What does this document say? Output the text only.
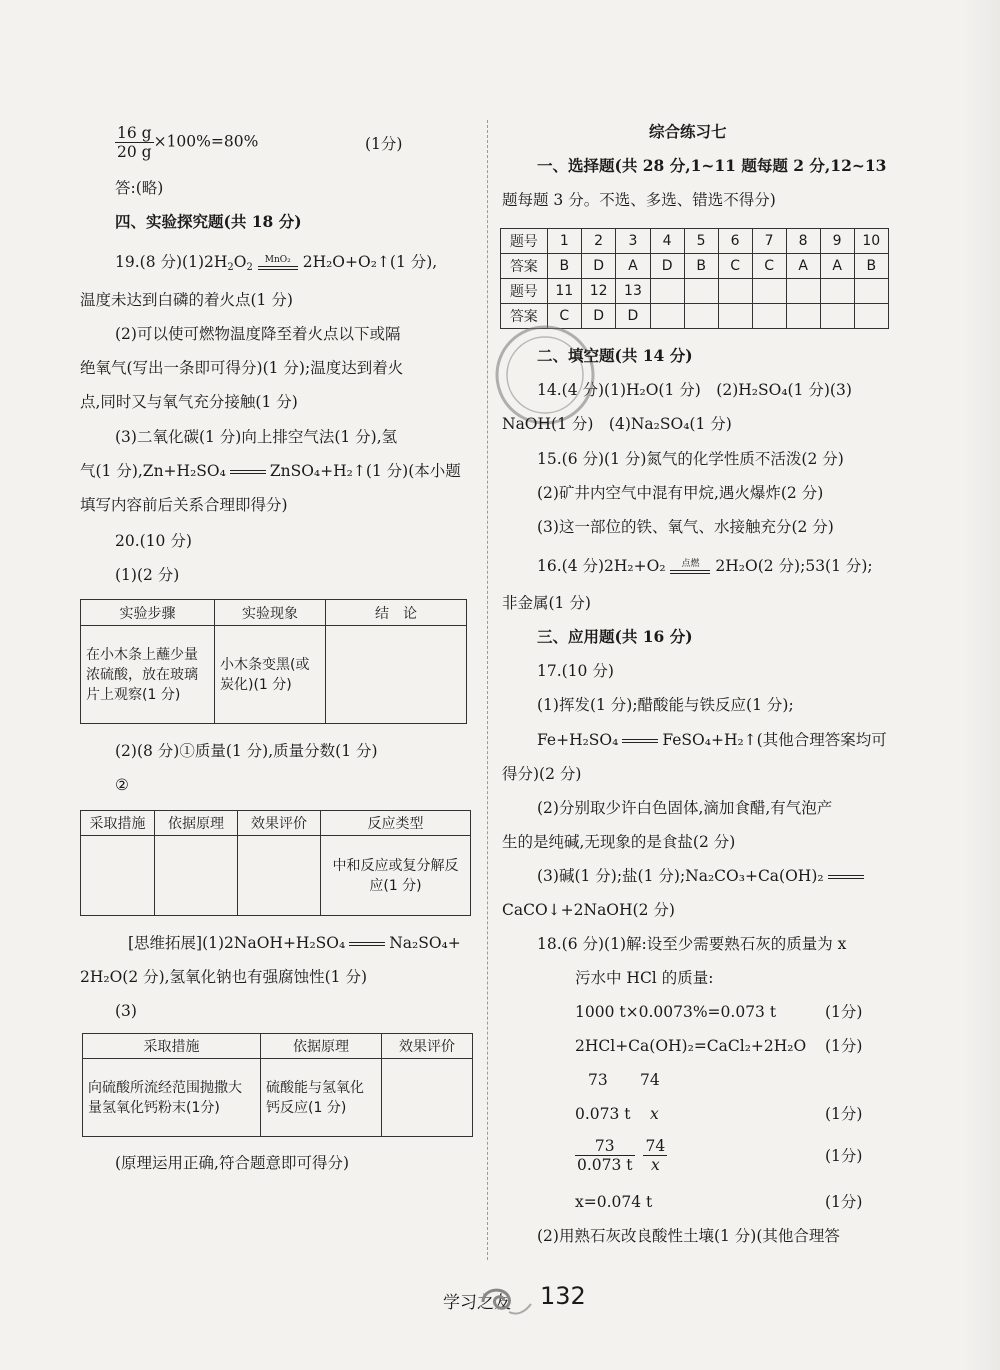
$\frac{16 g}{20 g} \times 100\%=80\%$	(1分)
答:(略)
四、实验探究题(共 18 分)
19.(8 分)$(1)2H_2O_2$
MnO₂ 2H₂O+O₂↑(1 分),
温度未达到白磷的着火点(1 分)
(2)可以使可燃物温度降至着火点以下或隔
绝氧气(写出一条即可得分)(1 分);温度达到着火
点,同时又与氧气充分接触(1 分)
(3)二氧化碳(1 分)向上排空气法(1 分),氢
气(1 分),Zn+H₂SO₄	ZnSO₄+H₂↑(1 分)(本小题
填写内容前后关系合理即得分)
20.(10 分)
(1)(2 分)
实验步骤	实验现象	结　论
在小木条上蘸少量浓硫酸，放在玻璃片上观察(1 分)	小木条变黑(或炭化)(1 分)	
(2)(8 分)①质量(1 分),质量分数(1 分)
②
采取措施	依据原理	效果评价	反应类型
			中和反应或复分解反应(1 分)
[思维拓展](1)2NaOH+H₂SO₄	Na₂SO₄+
2H₂O(2 分),氢氧化钠也有强腐蚀性(1 分)
(3)
采取措施	依据原理	效果评价
向硫酸所流经范围抛撒大量氢氧化钙粉末(1分)	硫酸能与氢氧化钙反应(1 分)	
(原理运用正确,符合题意即可得分)
综合练习七
一、选择题(共 28 分,1~11 题每题 2 分,12~13
题每题 3 分。不选、多选、错选不得分)
题号	1	2	3	4	5	6	7	8	9	10
答案	B	D	A	D	B	C	C	A	A	B
题号	11	12	13							
答案	C	D	D							
二、填空题(共 14 分)
14.(4 分)(1)H₂O(1 分)　(2)H₂SO₄(1 分)(3)
NaOH(1 分)　(4)Na₂SO₄(1 分)
15.(6 分)(1 分)氮气的化学性质不活泼(2 分)
(2)矿井内空气中混有甲烷,遇火爆炸(2 分)
(3)这一部位的铁、氧气、水接触充分(2 分)
16.(4 分)2H₂+O₂	点燃	2H₂O(2 分);53(1 分);
非金属(1 分)
三、应用题(共 16 分)
17.(10 分)
(1)挥发(1 分);醋酸能与铁反应(1 分);
Fe+H₂SO₄	FeSO₄+H₂↑(其他合理答案均可
得分)(2 分)
(2)分别取少许白色固体,滴加食醋,有气泡产
生的是纯碱,无现象的是食盐(2 分)
(3)碱(1 分);盐(1 分);Na₂CO₃+Ca(OH)₂
CaCO↓+2NaOH(2 分)
18.(6 分)(1)解:设至少需要熟石灰的质量为 x
污水中 HCl 的质量:
1000 t×0.0073%=0.073 t	(1分)
2HCl+Ca(OH)₂=CaCl₂+2H₂O (1分)
73 74
0.073 t x	(1分)
$\frac{73}{0.073 t}$
$\frac{74}{x}$	(1分)
x=0.074 t	(1分)
(2)用熟石灰改良酸性土壤(1 分)(其他合理答
学习之友 132
